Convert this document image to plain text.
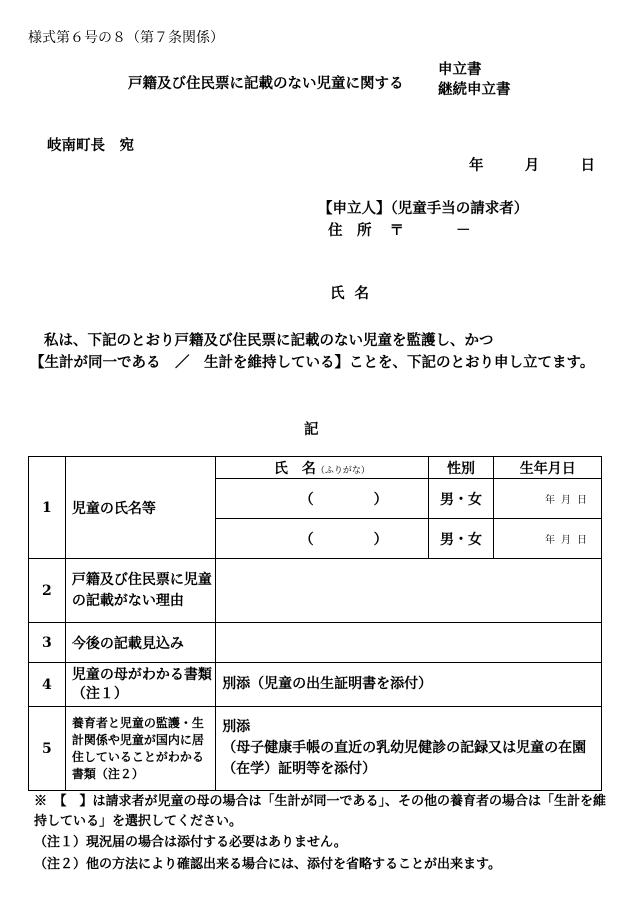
様式第６号の８（第７条関係）
戸籍及び住民票に記載のない児童に関する
申立書
継続申立書
岐南町長　宛
年	月	日
【申立人】（児童手当の請求者）
住　所 〒	－
氏名
私は、下記のとおり戸籍及び住民票に記載のない児童を監護し、かつ
【生計が同一である　／　生計を維持している】ことを、下記のとおり申し立てます。
記
1	児童の氏名等	氏　名（ふりがな）	性別	生年月日
		（ ）	男・女	年 月 日
		（ ）	男・女	年 月 日
2	戸籍及び住民票に児童の記載がない理由			
3	今後の記載見込み			
4	児童の母がわかる書類（注１）	別添（児童の出生証明書を添付）		
5	養育者と児童の監護・生計関係や児童が国内に居住していることがわかる書類（注２）	別添
（母子健康手帳の直近の乳幼児健診の記録又は児童の在園（在学）証明等を添付）		
※　【　】は請求者が児童の母の場合は「生計が同一である」、その他の養育者の場合は「生計を維持している」を選択してください。
（注１）現況届の場合は添付する必要はありません。
（注２）他の方法により確認出来る場合には、添付を省略することが出来ます。
